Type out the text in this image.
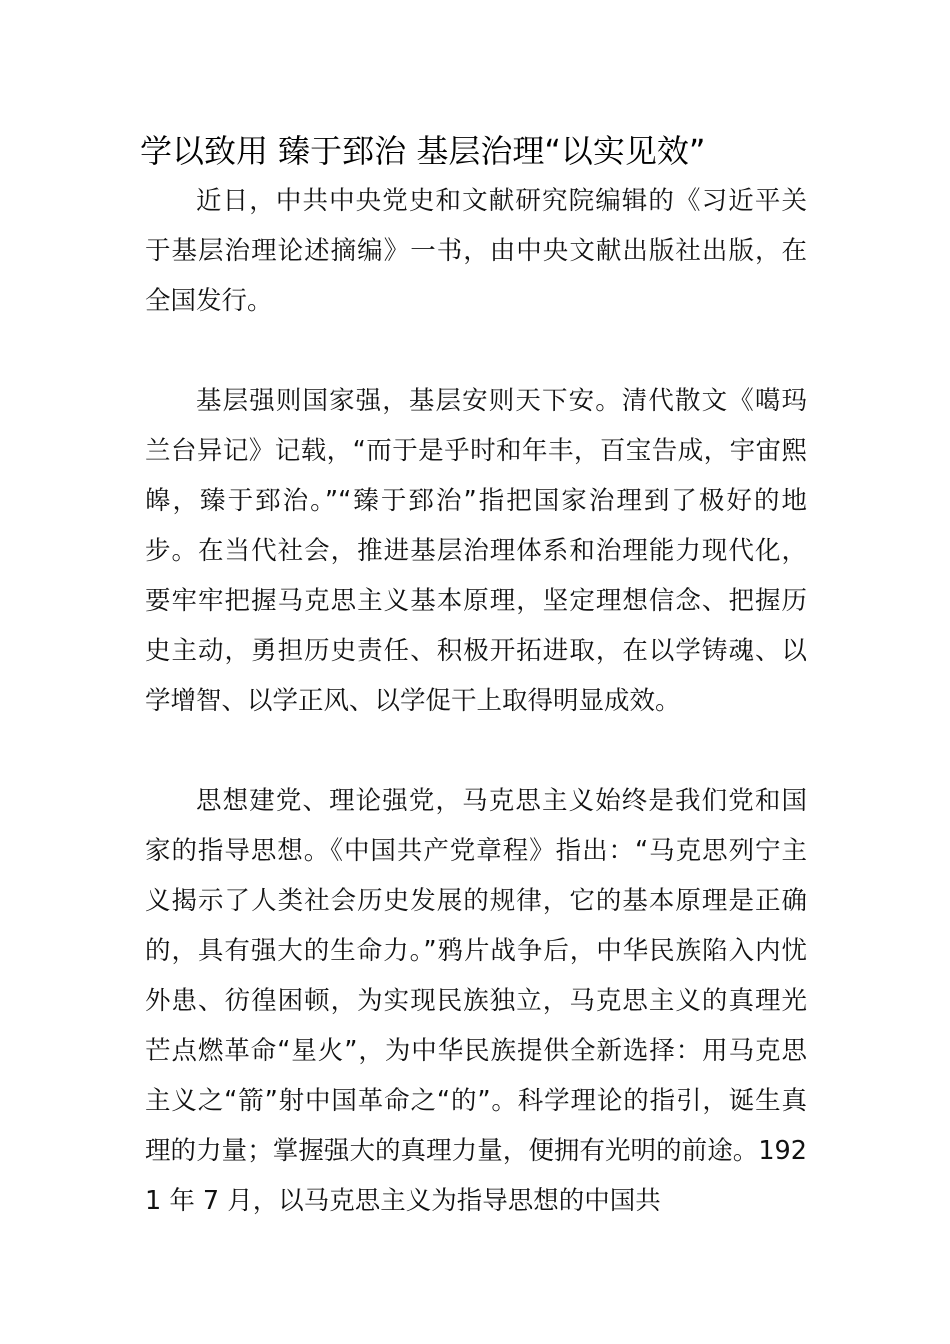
学以致用 臻于郅治 基层治理“以实见效”

近日，中共中央党史和文献研究院编辑的《习近平关于基层治理论述摘编》一书，由中央文献出版社出版，在全国发行。

基层强则国家强，基层安则天下安。清代散文《噶玛兰台异记》记载，“而于是乎时和年丰，百宝告成，宇宙熙皞，臻于郅治。”“臻于郅治”指把国家治理到了极好的地步。在当代社会，推进基层治理体系和治理能力现代化，要牢牢把握马克思主义基本原理，坚定理想信念、把握历史主动，勇担历史责任、积极开拓进取，在以学铸魂、以学增智、以学正风、以学促干上取得明显成效。

思想建党、理论强党，马克思主义始终是我们党和国家的指导思想。《中国共产党章程》指出：“马克思列宁主义揭示了人类社会历史发展的规律，它的基本原理是正确的，具有强大的生命力。”鸦片战争后，中华民族陷入内忧外患、彷徨困顿，为实现民族独立，马克思主义的真理光芒点燃革命“星火”，为中华民族提供全新选择：用马克思主义之“箭”射中国革命之“的”。科学理论的指引，诞生真理的力量；掌握强大的真理力量，便拥有光明的前途。1921 年 7 月，以马克思主义为指导思想的中国共
